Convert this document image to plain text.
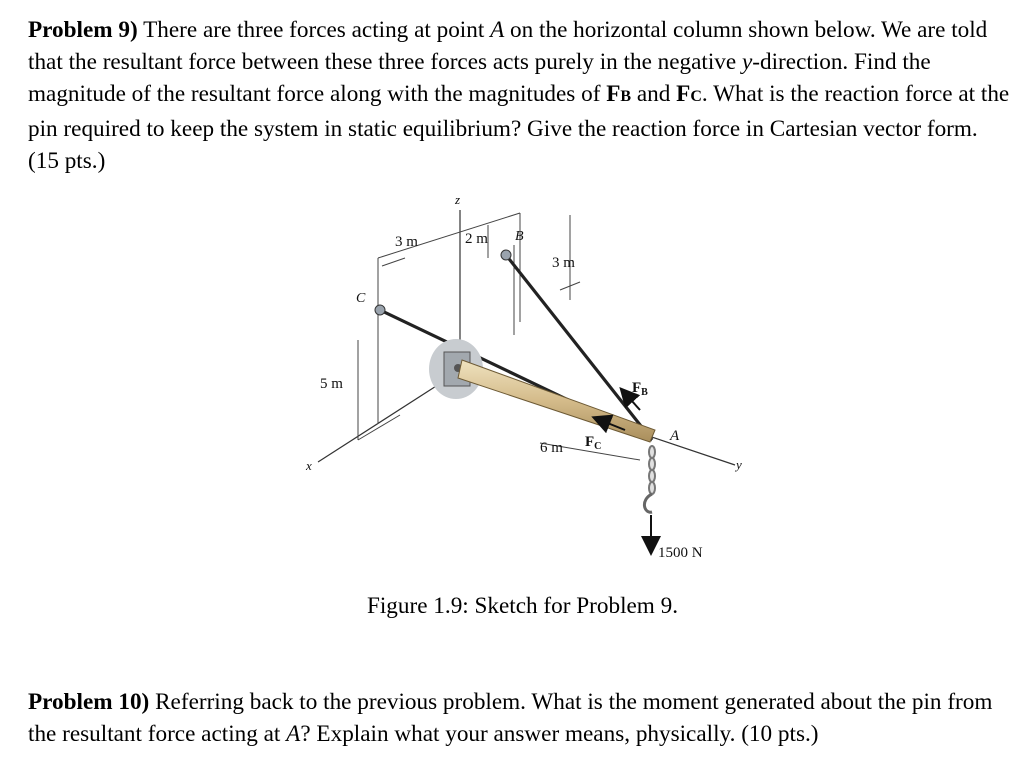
Problem 9) There are three forces acting at point A on the horizontal column shown below. We are told that the resultant force between these three forces acts purely in the negative y-direction. Find the magnitude of the resultant force along with the magnitudes of FB and FC. What is the reaction force at the pin required to keep the system in static equilibrium? Give the reaction force in Cartesian vector form. (15 pts.)

z
3 m	2 m B
3 m
C
5 m	$F_B$
A
6 m $F_C$
x	y
1500 N
Figure 1.9: Sketch for Problem 9.

Problem 10) Referring back to the previous problem. What is the moment generated about the pin from the resultant force acting at A? Explain what your answer means, physically. (10 pts.)
